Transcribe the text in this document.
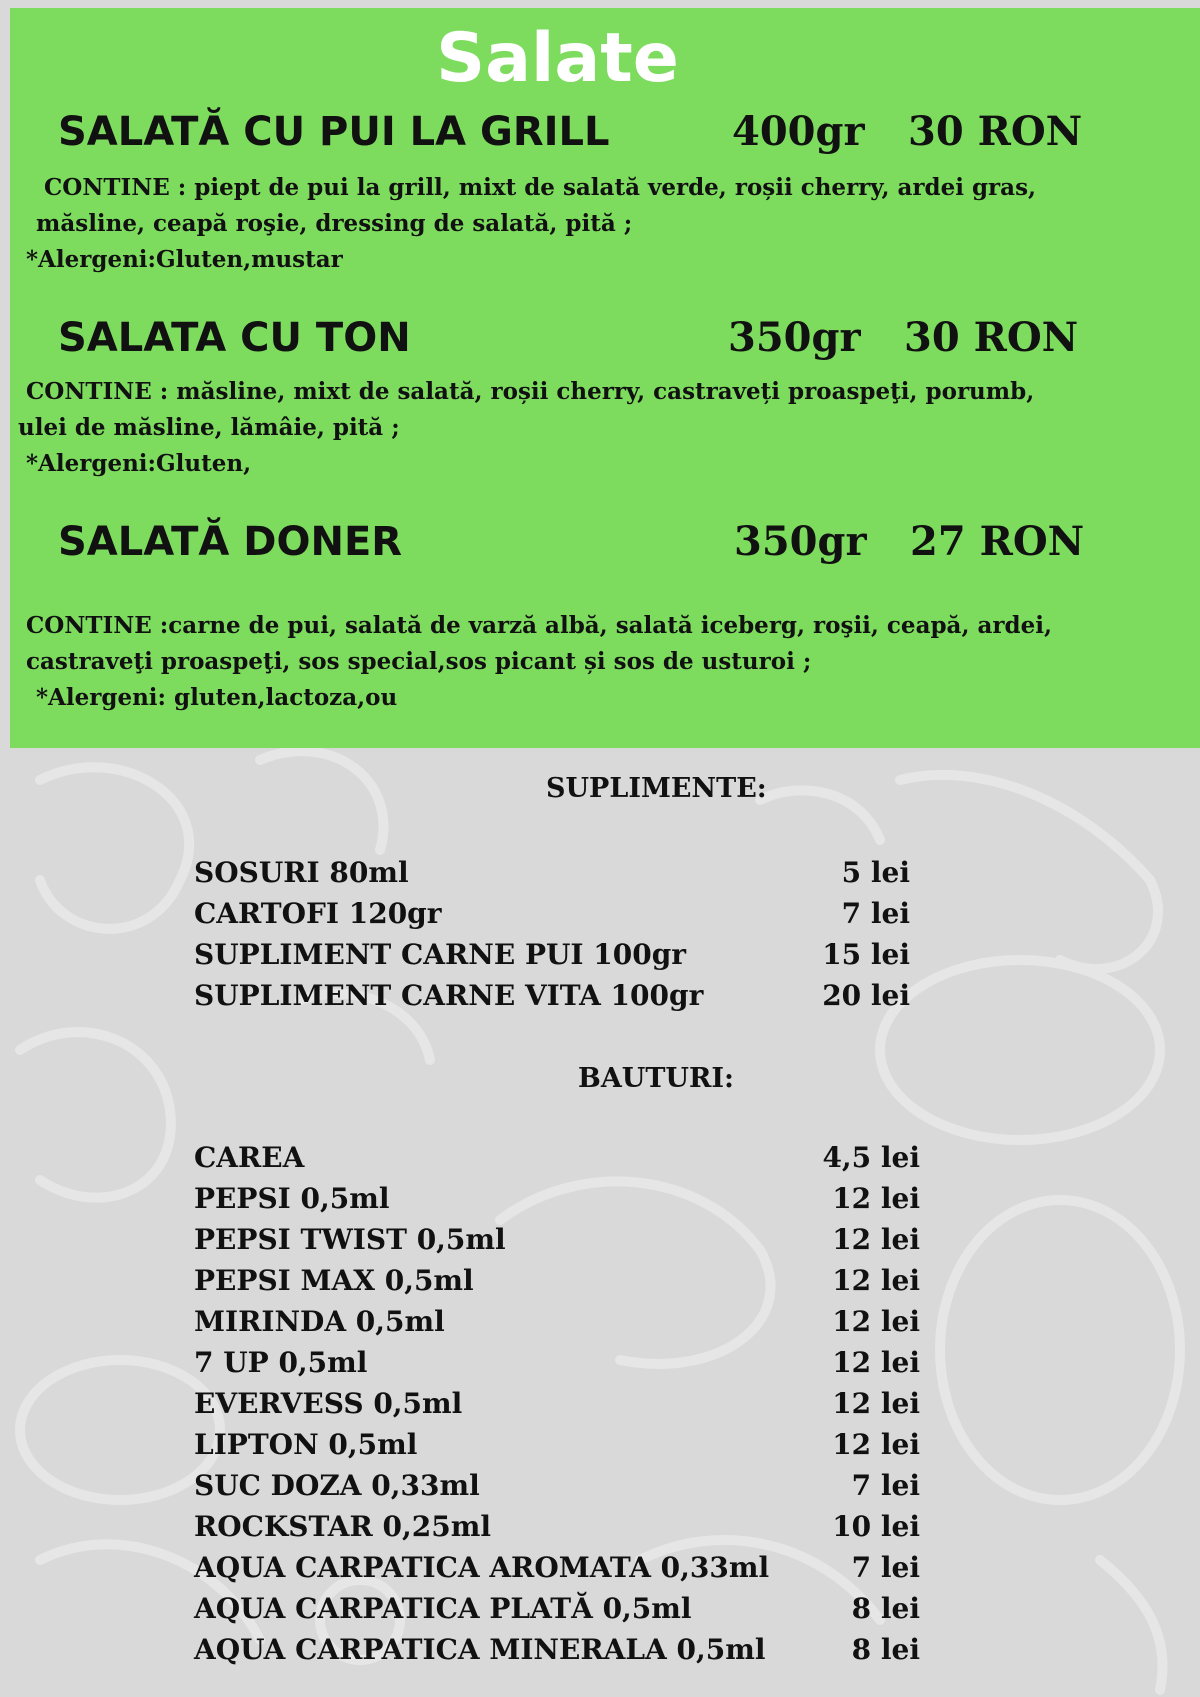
Salate
SALATĂ CU PUI LA GRILL	400gr 30 RON
CONTINE : piept de pui la grill, mixt de salată verde, roșii cherry, ardei gras,
măsline, ceapă roşie, dressing de salată, pită ;
*Alergeni:Gluten,mustar
SALATA CU TON	350gr 30 RON
CONTINE : măsline, mixt de salată, roșii cherry, castraveți proaspeţi, porumb,
ulei de măsline, lămâie, pită ;
*Alergeni:Gluten,
SALATĂ DONER	350gr 27 RON
CONTINE :carne de pui, salată de varză albă, salată iceberg, roşii, ceapă, ardei,
castraveţi proaspeţi, sos special,sos picant și sos de usturoi ;
*Alergeni: gluten,lactoza,ou
SUPLIMENTE:
SOSURI 80ml	5 lei
CARTOFI 120gr	7 lei
SUPLIMENT CARNE PUI 100gr	15 lei
SUPLIMENT CARNE VITA 100gr	20 lei
BAUTURI:
CAREA	4,5 lei
PEPSI 0,5ml	12 lei
PEPSI TWIST 0,5ml	12 lei
PEPSI MAX 0,5ml	12 lei
MIRINDA 0,5ml	12 lei
7 UP 0,5ml	12 lei
EVERVESS 0,5ml	12 lei
LIPTON 0,5ml	12 lei
SUC DOZA 0,33ml	7 lei
ROCKSTAR 0,25ml	10 lei
AQUA CARPATICA AROMATA 0,33ml	7 lei
AQUA CARPATICA PLATĂ 0,5ml	8 lei
AQUA CARPATICA MINERALA 0,5ml	8 lei
